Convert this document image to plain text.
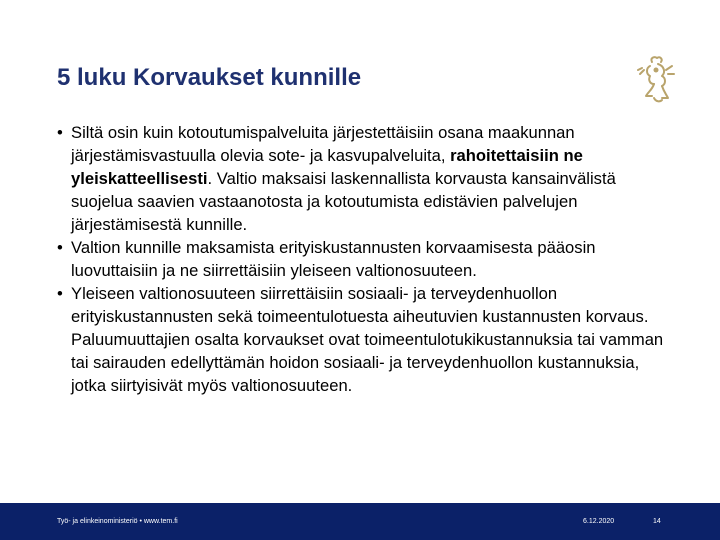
5 luku Korvaukset kunnille
• Siltä osin kuin kotoutumispalveluita järjestettäisiin osana maakunnan järjestämisvastuulla olevia sote- ja kasvupalveluita, rahoitettaisiin ne yleiskatteellisesti. Valtio maksaisi laskennallista korvausta kansainvälistä suojelua saavien vastaanotosta ja kotoutumista edistävien palvelujen järjestämisestä kunnille.
• Valtion kunnille maksamista erityiskustannusten korvaamisesta pääosin luovuttaisiin ja ne siirrettäisiin yleiseen valtionosuuteen.
• Yleiseen valtionosuuteen siirrettäisiin sosiaali- ja terveydenhuollon erityiskustannusten sekä toimeentulotuesta aiheutuvien kustannusten korvaus. Paluumuuttajien osalta korvaukset ovat toimeentulotukikustannuksia tai vamman tai sairauden edellyttämän hoidon sosiaali- ja terveydenhuollon kustannuksia, jotka siirtyisivät myös valtionosuuteen.
Työ- ja elinkeinoministeriö • www.tem.fi	6.12.2020	14
